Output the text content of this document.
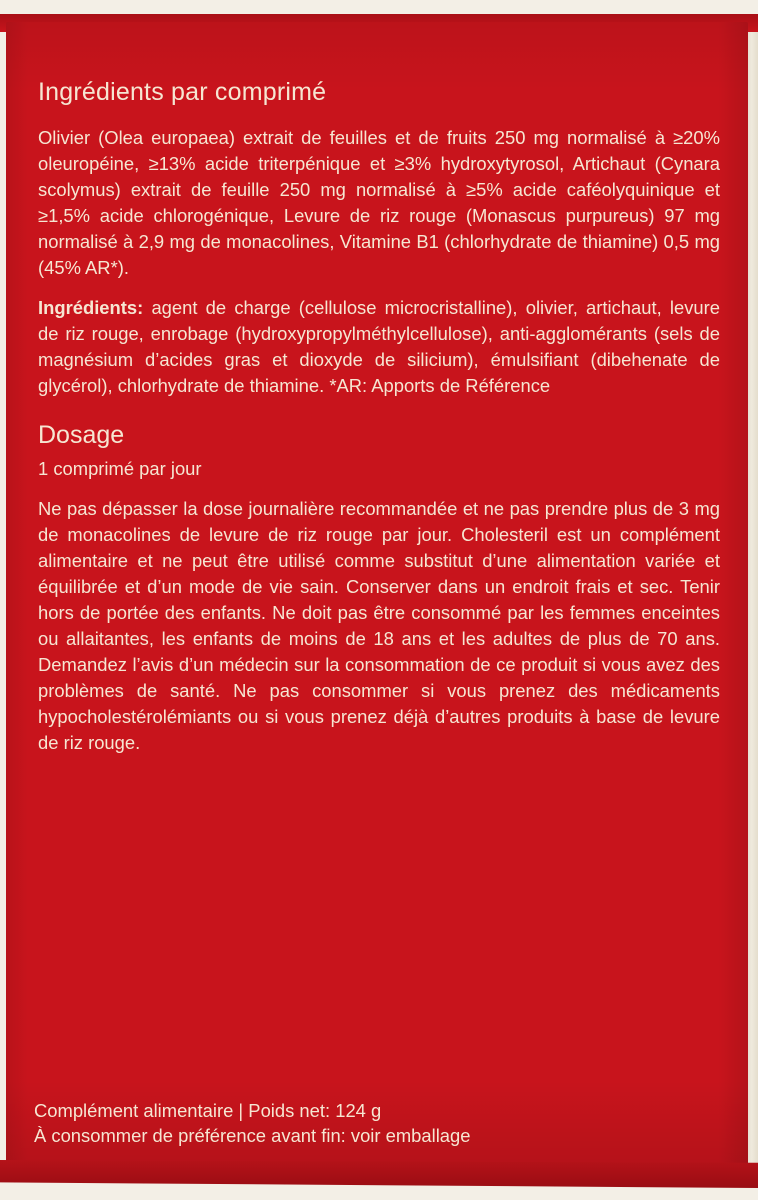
Ingrédients par comprimé

Olivier (Olea europaea) extrait de feuilles et de fruits 250 mg normalisé à ≥20% oleuropéine, ≥13% acide triterpénique et ≥3% hydroxytyrosol, Artichaut (Cynara scolymus) extrait de feuille 250 mg normalisé à ≥5% acide caféolyquinique et ≥1,5% acide chlorogénique, Levure de riz rouge (Monascus purpureus) 97 mg normalisé à 2,9 mg de monacolines, Vitamine B1 (chlorhydrate de thiamine) 0,5 mg (45% AR*).

Ingrédients: agent de charge (cellulose microcristalline), olivier, artichaut, levure de riz rouge, enrobage (hydroxypropylméthylcellulose), anti-agglomérants (sels de magnésium d’acides gras et dioxyde de silicium), émulsifiant (dibehenate de glycérol), chlorhydrate de thiamine. *AR: Apports de Référence

Dosage

1 comprimé par jour

Ne pas dépasser la dose journalière recommandée et ne pas prendre plus de 3 mg de monacolines de levure de riz rouge par jour. Cholesteril est un complément alimentaire et ne peut être utilisé comme substitut d’une alimentation variée et équilibrée et d’un mode de vie sain. Conserver dans un endroit frais et sec. Tenir hors de portée des enfants. Ne doit pas être consommé par les femmes enceintes ou allaitantes, les enfants de moins de 18 ans et les adultes de plus de 70 ans. Demandez l’avis d’un médecin sur la consommation de ce produit si vous avez des problèmes de santé. Ne pas consommer si vous prenez des médicaments hypocholestérolémiants ou si vous prenez déjà d’autres produits à base de levure de riz rouge.

Complément alimentaire | Poids net: 124 g
À consommer de préférence avant fin: voir emballage
